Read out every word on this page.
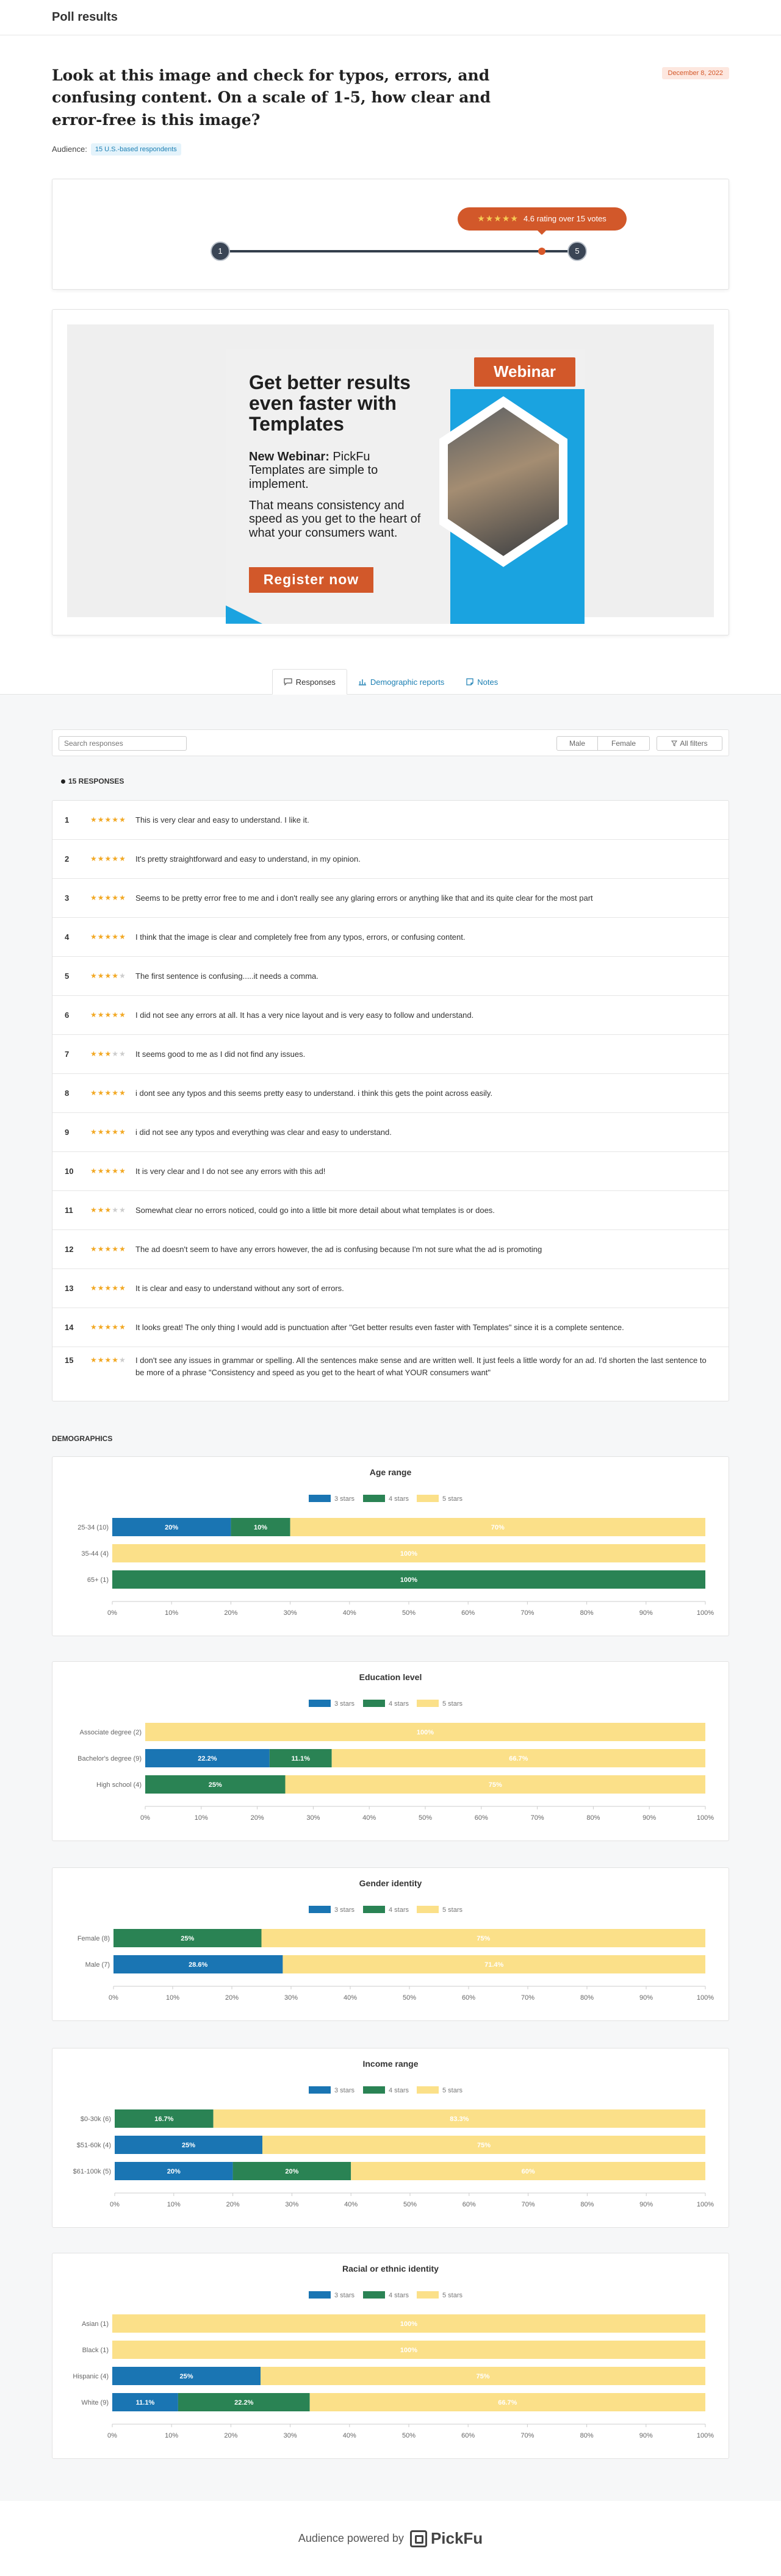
Poll results
Look at this image and check for typos, errors, and confusing content. On a scale of 1-5, how clear and error-free is this image?
December 8, 2022
Audience:	15 U.S.-based respondents
1	5
★★★★★ 4.6 rating over 15 votes
Webinar
Get better results even faster with Templates
New Webinar: PickFu Templates are simple to implement.
That means consistency and speed as you get to the heart of what your consumers want.
Register now
Responses	Demographic reports	Notes
Search responses
Male	Female	All filters
15 RESPONSES
1	★★★★★ This is very clear and easy to understand. I like it.
2	★★★★★ It's pretty straightforward and easy to understand, in my opinion.
3	★★★★★ Seems to be pretty error free to me and i don't really see any glaring errors or anything like that and its quite clear for the most part
4	★★★★★ I think that the image is clear and completely free from any typos, errors, or confusing content.
5	★★★★★ The first sentence is confusing.....it needs a comma.
6	★★★★★ I did not see any errors at all. It has a very nice layout and is very easy to follow and understand.
7	★★★★★ It seems good to me as I did not find any issues.
8	★★★★★ i dont see any typos and this seems pretty easy to understand. i think this gets the point across easily.
9	★★★★★ i did not see any typos and everything was clear and easy to understand.
10 ★★★★★ It is very clear and I do not see any errors with this ad!
11 ★★★★★ Somewhat clear no errors noticed, could go into a little bit more detail about what templates is or does.
12 ★★★★★ The ad doesn't seem to have any errors however, the ad is confusing because I'm not sure what the ad is promoting
13 ★★★★★ It is clear and easy to understand without any sort of errors.
14 ★★★★★ It looks great! The only thing I would add is punctuation after "Get better results even faster with Templates" since it is a complete sentence.
15 ★★★★★ I don't see any issues in grammar or spelling. All the sentences make sense and are written well. It just feels a little wordy for an ad. I'd shorten the last sentence to be more of a phrase "Consistency and speed as you get to the heart of what YOUR consumers want"
DEMOGRAPHICS
Age range
3 stars	4 stars	5 stars
25-34 (10)	20%	10%	70%
35-44 (4)	100%
65+ (1)	100%
0%	10%	20%	30%	40%	50%	60%	70%	80%	90%	100%
Education level
3 stars	4 stars	5 stars
Associate degree (2)	100%
Bachelor's degree (9)	22.2%	11.1%	66.7%
High school (4)	25%	75%
0%	10%	20%	30%	40%	50%	60%	70%	80%	90%	100%
Gender identity
3 stars	4 stars	5 stars
Female (8)	25%	75%
Male (7)	28.6%	71.4%
0%	10%	20%	30%	40%	50%	60%	70%	80%	90%	100%
Income range
3 stars	4 stars	5 stars
$0-30k (6)	16.7%	83.3%
$51-60k (4)	25%	75%
$61-100k (5)	20%	20%	60%
0%	10%	20%	30%	40%	50%	60%	70%	80%	90%	100%
Racial or ethnic identity
3 stars	4 stars	5 stars
Asian (1)	100%
Black (1)	100%
Hispanic (4)	25%	75%
White (9)	11.1%	22.2%	66.7%
0%	10%	20%	30%	40%	50%	60%	70%	80%	90%	100%
Audience powered by PickFu
